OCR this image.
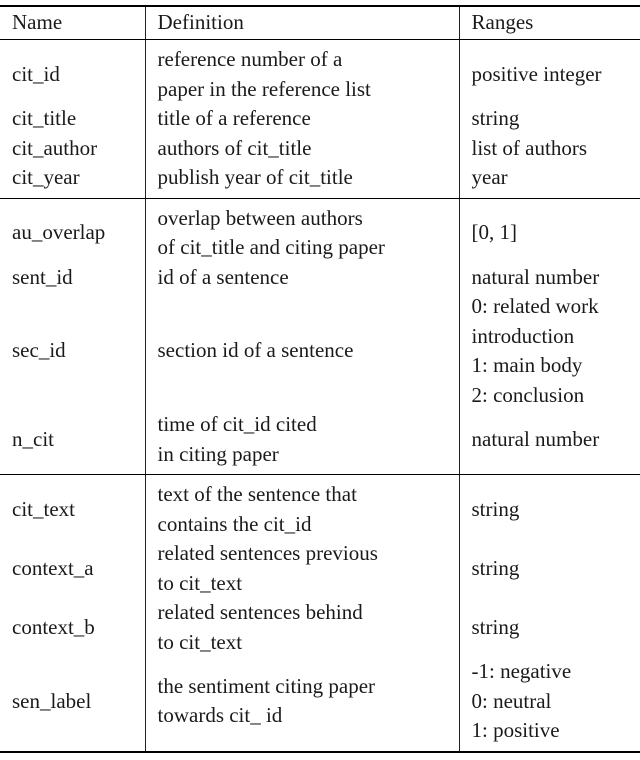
Name	Definition	Ranges
cit_id	reference number of a
paper in the reference list	positive integer

cit_title	title of a reference	string

cit_author	authors of cit_title	list of authors

cit_year	publish year of cit_title	year

au_overlap	overlap between authors
of cit_title and citing paper	[0, 1]

sent_id	id of a sentence	natural number

sec_id	section id of a sentence	0: related work
introduction
1: main body
2: conclusion

n_cit	time of cit_id cited
in citing paper	natural number

cit_text	text of the sentence that
contains the cit_id	string

context_a	related sentences previous
to cit_text	string

context_b	related sentences behind
to cit_text	string

sen_label	the sentiment citing paper
towards cit_ id	-1: negative
0: neutral
1: positive
